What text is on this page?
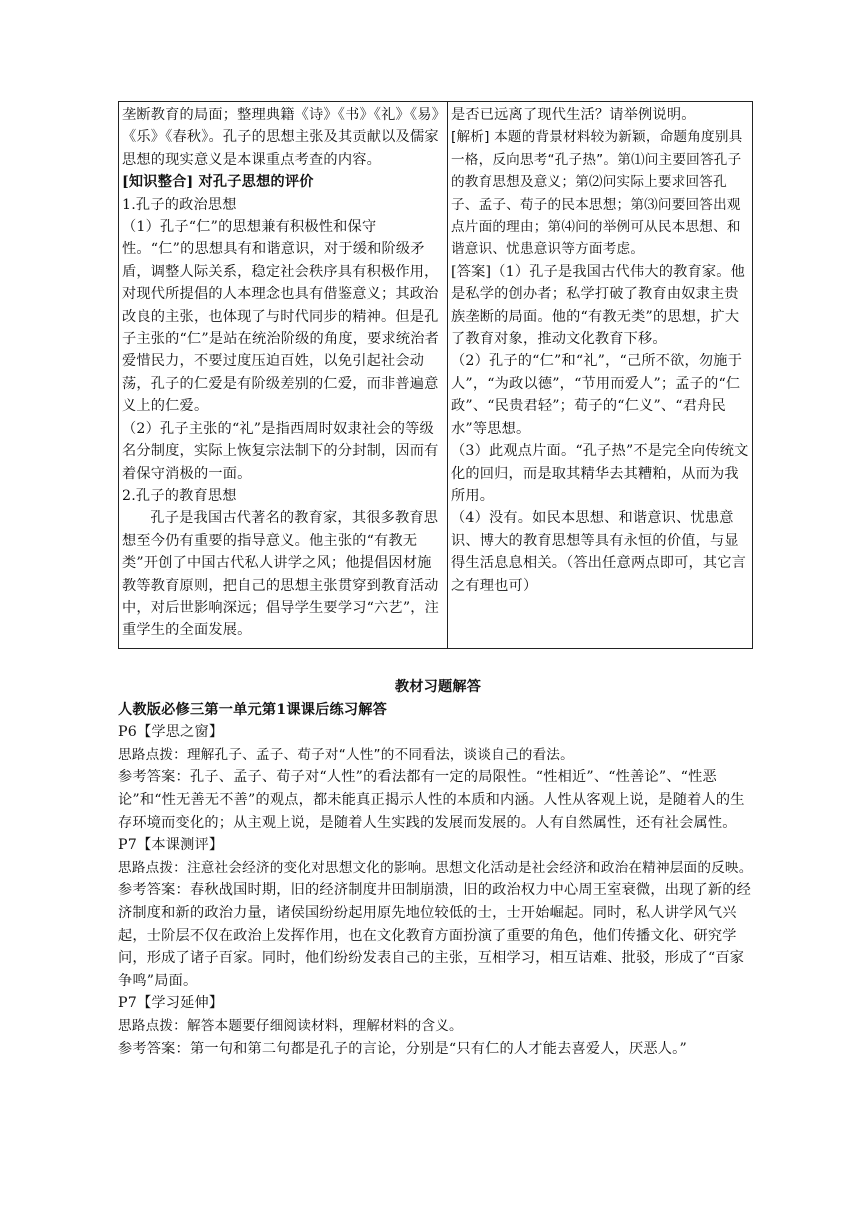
垄断教育的局面；整理典籍《诗》《书》《礼》《易》《乐》《春秋》。孔子的思想主张及其贡献以及儒家思想的现实意义是本课重点考查的内容。

[知识整合] 对孔子思想的评价

1.孔子的政治思想

（1）孔子“仁”的思想兼有积极性和保守性。“仁”的思想具有和谐意识，对于缓和阶级矛盾，调整人际关系，稳定社会秩序具有积极作用，对现代所提倡的人本理念也具有借鉴意义；其政治改良的主张，也体现了与时代同步的精神。但是孔子主张的“仁”是站在统治阶级的角度，要求统治者爱惜民力，不要过度压迫百姓，以免引起社会动荡，孔子的仁爱是有阶级差别的仁爱，而非普遍意义上的仁爱。

（2）孔子主张的“礼”是指西周时奴隶社会的等级名分制度，实际上恢复宗法制下的分封制，因而有着保守消极的一面。

2.孔子的教育思想

孔子是我国古代著名的教育家，其很多教育思想至今仍有重要的指导意义。他主张的“有教无类”开创了中国古代私人讲学之风；他提倡因材施教等教育原则，把自己的思想主张贯穿到教育活动中，对后世影响深远；倡导学生要学习“六艺”，注重学生的全面发展。

是否已远离了现代生活？请举例说明。

[解析] 本题的背景材料较为新颖，命题角度别具一格，反向思考“孔子热”。第⑴问主要回答孔子的教育思想及意义；第⑵问实际上要求回答孔子、孟子、荀子的民本思想；第⑶问要回答出观点片面的理由；第⑷问的举例可从民本思想、和谐意识、忧患意识等方面考虑。

[答案]（1）孔子是我国古代伟大的教育家。他是私学的创办者；私学打破了教育由奴隶主贵族垄断的局面。他的“有教无类”的思想，扩大了教育对象，推动文化教育下移。

（2）孔子的“仁”和“礼”，“己所不欲，勿施于人”，“为政以德”，“节用而爱人”；孟子的“仁政”、“民贵君轻”；荀子的“仁义”、“君舟民水”等思想。

（3）此观点片面。“孔子热”不是完全向传统文化的回归，而是取其精华去其糟粕，从而为我所用。

（4）没有。如民本思想、和谐意识、忧患意识、博大的教育思想等具有永恒的价值，与显得生活息息相关。（答出任意两点即可，其它言之有理也可）

教材习题解答

人教版必修三第一单元第1课课后练习解答

P6【学思之窗】

思路点拨：理解孔子、孟子、荀子对“人性”的不同看法，谈谈自己的看法。

参考答案：孔子、孟子、荀子对“人性”的看法都有一定的局限性。“性相近”、“性善论”、“性恶论”和“性无善无不善”的观点，都未能真正揭示人性的本质和内涵。人性从客观上说，是随着人的生存环境而变化的；从主观上说，是随着人生实践的发展而发展的。人有自然属性，还有社会属性。

P7【本课测评】

思路点拨：注意社会经济的变化对思想文化的影响。思想文化活动是社会经济和政治在精神层面的反映。

参考答案：春秋战国时期，旧的经济制度井田制崩溃，旧的政治权力中心周王室衰微，出现了新的经济制度和新的政治力量，诸侯国纷纷起用原先地位较低的士，士开始崛起。同时，私人讲学风气兴起，士阶层不仅在政治上发挥作用，也在文化教育方面扮演了重要的角色，他们传播文化、研究学问，形成了诸子百家。同时，他们纷纷发表自己的主张，互相学习，相互诘难、批驳，形成了“百家争鸣”局面。

P7【学习延伸】

思路点拨：解答本题要仔细阅读材料，理解材料的含义。

参考答案：第一句和第二句都是孔子的言论，分别是“只有仁的人才能去喜爱人，厌恶人。”
